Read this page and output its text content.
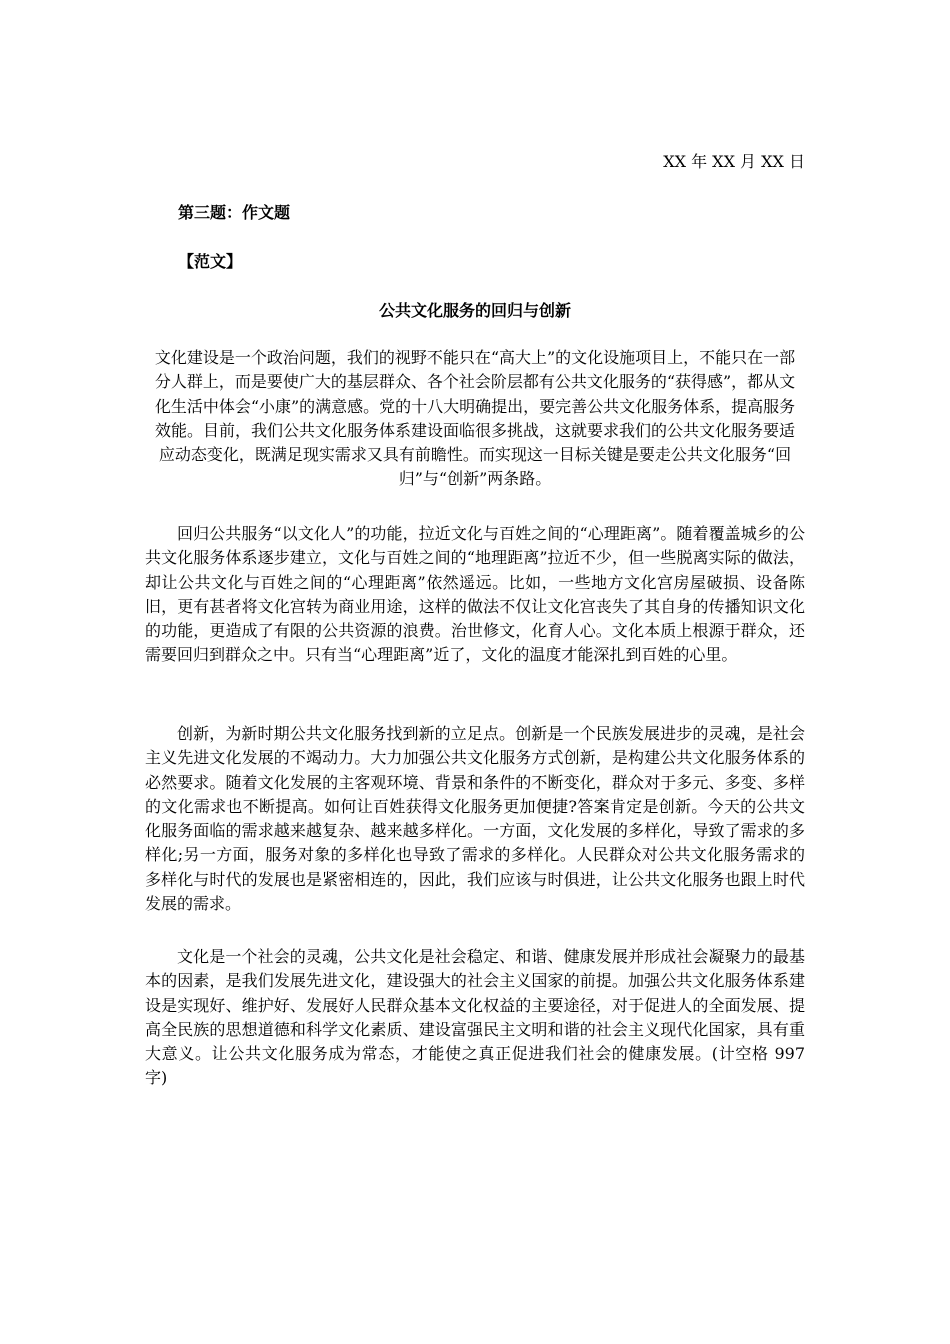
XX 年 XX 月 XX 日
第三题：作文题
【范文】
公共文化服务的回归与创新

文化建设是一个政治问题，我们的视野不能只在“高大上”的文化设施项目上，不能只在一部分人群上，而是要使广大的基层群众、各个社会阶层都有公共文化服务的“获得感”，都从文化生活中体会“小康”的满意感。党的十八大明确提出，要完善公共文化服务体系，提高服务效能。目前，我们公共文化服务体系建设面临很多挑战，这就要求我们的公共文化服务要适应动态变化，既满足现实需求又具有前瞻性。而实现这一目标关键是要走公共文化服务“回归”与“创新”两条路。

回归公共服务“以文化人”的功能，拉近文化与百姓之间的“心理距离”。随着覆盖城乡的公共文化服务体系逐步建立，文化与百姓之间的“地理距离”拉近不少，但一些脱离实际的做法，却让公共文化与百姓之间的“心理距离”依然遥远。比如，一些地方文化宫房屋破损、设备陈旧，更有甚者将文化宫转为商业用途，这样的做法不仅让文化宫丧失了其自身的传播知识文化的功能，更造成了有限的公共资源的浪费。治世修文，化育人心。文化本质上根源于群众，还需要回归到群众之中。只有当“心理距离”近了，文化的温度才能深扎到百姓的心里。

创新，为新时期公共文化服务找到新的立足点。创新是一个民族发展进步的灵魂，是社会主义先进文化发展的不竭动力。大力加强公共文化服务方式创新，是构建公共文化服务体系的必然要求。随着文化发展的主客观环境、背景和条件的不断变化，群众对于多元、多变、多样的文化需求也不断提高。如何让百姓获得文化服务更加便捷?答案肯定是创新。今天的公共文化服务面临的需求越来越复杂、越来越多样化。一方面，文化发展的多样化，导致了需求的多样化;另一方面，服务对象的多样化也导致了需求的多样化。人民群众对公共文化服务需求的多样化与时代的发展也是紧密相连的，因此，我们应该与时俱进，让公共文化服务也跟上时代发展的需求。

文化是一个社会的灵魂，公共文化是社会稳定、和谐、健康发展并形成社会凝聚力的最基本的因素，是我们发展先进文化，建设强大的社会主义国家的前提。加强公共文化服务体系建设是实现好、维护好、发展好人民群众基本文化权益的主要途径，对于促进人的全面发展、提高全民族的思想道德和科学文化素质、建设富强民主文明和谐的社会主义现代化国家，具有重大意义。让公共文化服务成为常态，才能使之真正促进我们社会的健康发展。(计空格 997 字)
